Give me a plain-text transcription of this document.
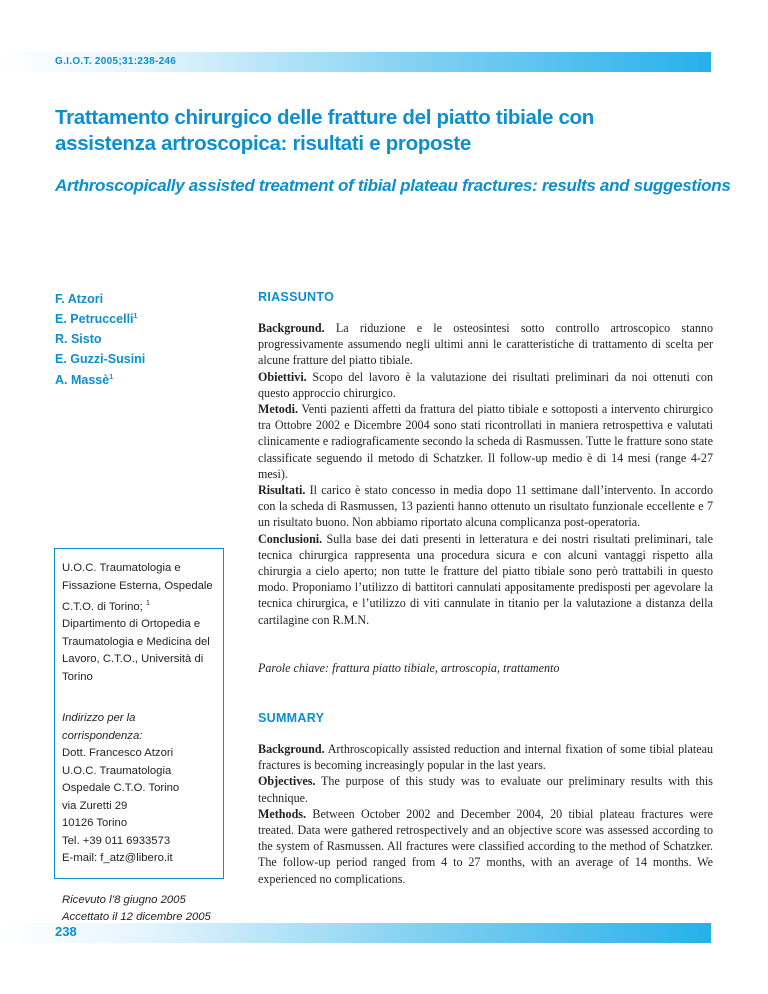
G.I.O.T. 2005;31:238-246
Trattamento chirurgico delle fratture del piatto tibiale con assistenza artroscopica: risultati e proposte
Arthroscopically assisted treatment of tibial plateau fractures: results and suggestions
F. Atzori
E. Petruccelli$^1$
R. Sisto
E. Guzzi-Susini
A. Massè$^1$

U.O.C. Traumatologia e Fissazione Esterna, Ospedale C.T.O. di Torino; $^1$ Dipartimento di Ortopedia e Traumatologia e Medicina del Lavoro, C.T.O., Università di Torino

Indirizzo per la corrispondenza:
Dott. Francesco Atzori
U.O.C. Traumatologia
Ospedale C.T.O. Torino
via Zuretti 29
10126 Torino
Tel. +39 011 6933573
E-mail: f_atz@libero.it
Ricevuto l’8 giugno 2005
Accettato il 12 dicembre 2005
RIASSUNTO

Background. La riduzione e le osteosintesi sotto controllo artroscopico stanno progressivamente assumendo negli ultimi anni le caratteristiche di trattamento di scelta per alcune fratture del piatto tibiale.

Obiettivi. Scopo del lavoro è la valutazione dei risultati preliminari da noi ottenuti con questo approccio chirurgico.

Metodi. Venti pazienti affetti da frattura del piatto tibiale e sottoposti a intervento chirurgico tra Ottobre 2002 e Dicembre 2004 sono stati ricontrollati in maniera retrospettiva e valutati clinicamente e radiograficamente secondo la scheda di Rasmussen. Tutte le fratture sono state classificate seguendo il metodo di Schatzker. Il follow-up medio è di 14 mesi (range 4-27 mesi).

Risultati. Il carico è stato concesso in media dopo 11 settimane dall’intervento. In accordo con la scheda di Rasmussen, 13 pazienti hanno ottenuto un risultato funzionale eccellente e 7 un risultato buono. Non abbiamo riportato alcuna complicanza post-operatoria.

Conclusioni. Sulla base dei dati presenti in letteratura e dei nostri risultati preliminari, tale tecnica chirurgica rappresenta una procedura sicura e con alcuni vantaggi rispetto alla chirurgia a cielo aperto; non tutte le fratture del piatto tibiale sono però trattabili in questo modo. Proponiamo l’utilizzo di battitori cannulati appositamente predisposti per agevolare la tecnica chirurgica, e l’utilizzo di viti cannulate in titanio per la valutazione a distanza della cartilagine con R.M.N.

Parole chiave: frattura piatto tibiale, artroscopia, trattamento
SUMMARY

Background. Arthroscopically assisted reduction and internal fixation of some tibial plateau fractures is becoming increasingly popular in the last years.

Objectives. The purpose of this study was to evaluate our preliminary results with this technique.

Methods. Between October 2002 and December 2004, 20 tibial plateau fractures were treated. Data were gathered retrospectively and an objective score was assessed according to the system of Rasmussen. All fractures were classified according to the method of Schatzker. The follow-up period ranged from 4 to 27 months, with an average of 14 months. We experienced no complications.

238
